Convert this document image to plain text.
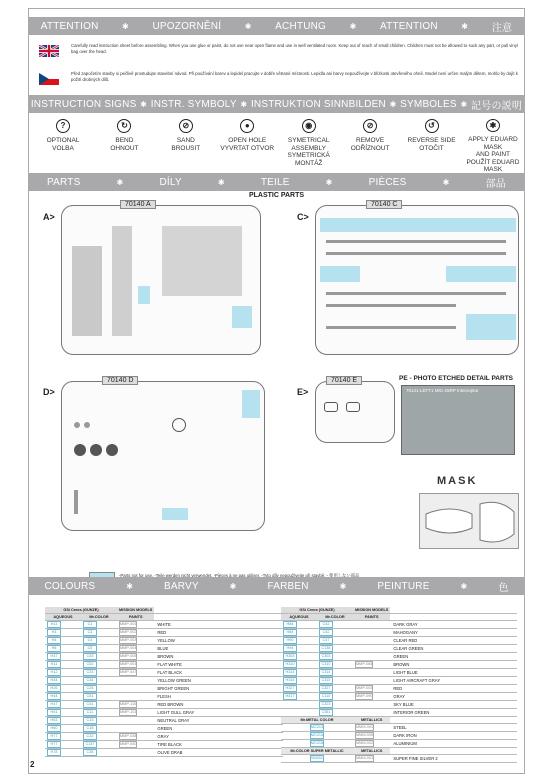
ATTENTION	✱ UPOZORNĚNÍ	✱ ACHTUNG	✱ ATTENTION	✱ 注意
Carefully read instruction sheet before assembling. When you use glue or paint, do not use near open flame and use in well ventilated room. Keep out of reach of small children. Children must not be allowed to suck any part, or pull vinyl bag over the head.
Před započetím stavby si pečlivě prostudujte stavební návod. Při používání barev a lepidel pracujte v dobře větrané místnosti. Lepidla ani barvy nepoužívejte v blízkosti otevřeného ohně. Model není určen malým dětem, mohlo by dojít k požití drobných dílů.
INSTRUCTION SIGNS ✱ INSTR. SYMBOLY ✱ INSTRUKTION SINNBILDEN ✱ SYMBOLES ✱ 記号の説明
?
OPTIONAL
VOLBA
↻
BEND
OHNOUT
⊘
SAND
BROUSIT
●
OPEN HOLE
VYVRTAT OTVOR
◉
SYMETRICAL ASSEMBLY
SYMETRICKÁ MONTÁŽ
⊘
REMOVE
ODŘÍZNOUT
↺
REVERSE SIDE
OTOČIT
✱
APPLY EDUARD MASK
AND PAINT
POUŽÍT EDUARD MASK

PARTS	✱	DÍLY	✱	TEILE	✱	PIÈCES	✱	部品
PLASTIC PARTS
A>
70140 A
C>
70140 C
D>
70140 D
E>
70140 E	PE - PHOTO ETCHED DETAIL PARTS
70141-LEFT1 MiG-25RP Interceptor
MASK
-Parts not for use. -Teile werden nicht verwendet. -Pièces à ne pas utiliser. -Tyto díly nepoužívejte při stavbě. - 使用しない部品
COLOURS	✱	BARVY	✱	FARBEN	✱	PEINTURE	✱	色
GSi Creos (GUNZE)		MISSION MODELS	
AQUEOUS	Mr.COLOR	PAINTS	
H11	C1	MMP-001	WHITE
H3	C3	MMP-002	RED
H4	C4	MMP-003	YELLOW
H5	C5	MMP-004	BLUE
H37	C43	MMP-005	BROWN
H11	C62	MMP-001	FLAT WHITE
H12	C33	MMP-047	FLAT BLACK
H34	C34		YELLOW GREEN
H26	C26		BRIGHT GREEN
H44	C51		FLESH
H47	C41	MMP-110	RED BROWN
H51	C11	MMP-101	LIGHT GULL GRAY
H53	C13		NEUTRAL GRAY
H60	C18		GREEN
H77	C32	MMP-038	GRAY
H77	C137	MMP-040	TIRE BLACK
H78	C38		OLIVE DRAB
GSi Creos (GUNZE)		MISSION MODELS	
AQUEOUS	Mr.COLOR	PAINTS	
H84	C42		DARK GRAY
H84	C42		MAHOGANY
H90	C47		CLEAR RED
H94	C138		CLEAR GREEN
H303	C303		GREEN
H310	C310	MMP-084	BROWN
H314	C314		LIGHT BLUE
H315	C315		LIGHT AIRCRAFT GRAY
H327	C327	MMP-003	RED
H417	C110	MMP-090	GRAY
	C323		SKY BLUE
	C351		INTERIOR GREEN
Mr.METAL COLOR		METALLICS	
MC213		MMM-001	STEEL
MC214		MMM-005	DARK IRON
MC218		MMM-002	ALUMINIUM
Mr.COLOR SUPER METALLIC		METALLICS	
SM201		MMM-001	SUPER FINE SILVER 2
2
